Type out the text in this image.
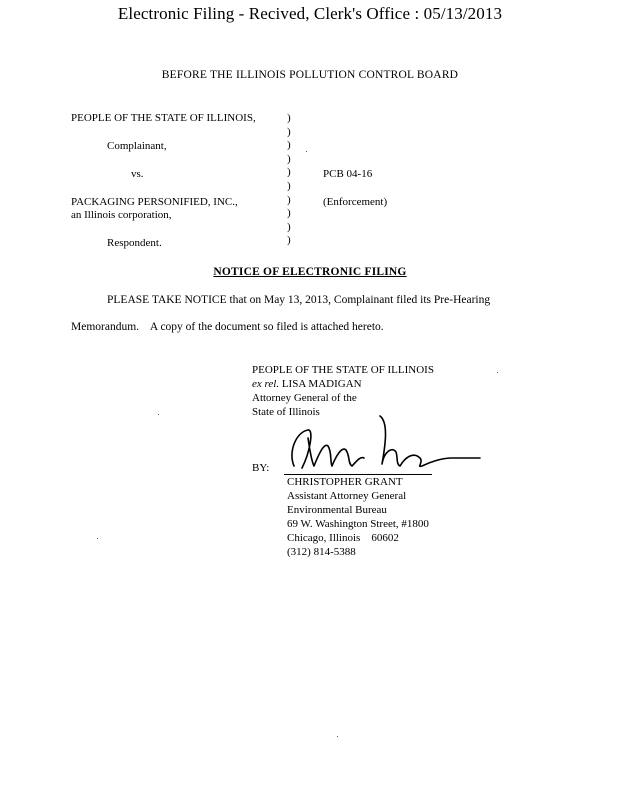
Electronic Filing - Recived, Clerk's Office : 05/13/2013
BEFORE THE ILLINOIS POLLUTION CONTROL BOARD
PEOPLE OF THE STATE OF ILLINOIS,
Complainant,
vs.
PACKAGING PERSONIFIED, INC.,
an Illinois corporation,
Respondent.
PCB 04-16
(Enforcement)
)
)
)
)
)
)
)
)
)
)
NOTICE OF ELECTRONIC FILING
PLEASE TAKE NOTICE that on May 13, 2013, Complainant filed its Pre-Hearing
Memorandum.    A copy of the document so filed is attached hereto.
PEOPLE OF THE STATE OF ILLINOIS
ex rel. LISA MADIGAN
Attorney General of the
State of Illinois
BY:
CHRISTOPHER GRANT
Assistant Attorney General
Environmental Bureau
69 W. Washington Street, #1800
Chicago, Illinois    60602
(312) 814-5388
